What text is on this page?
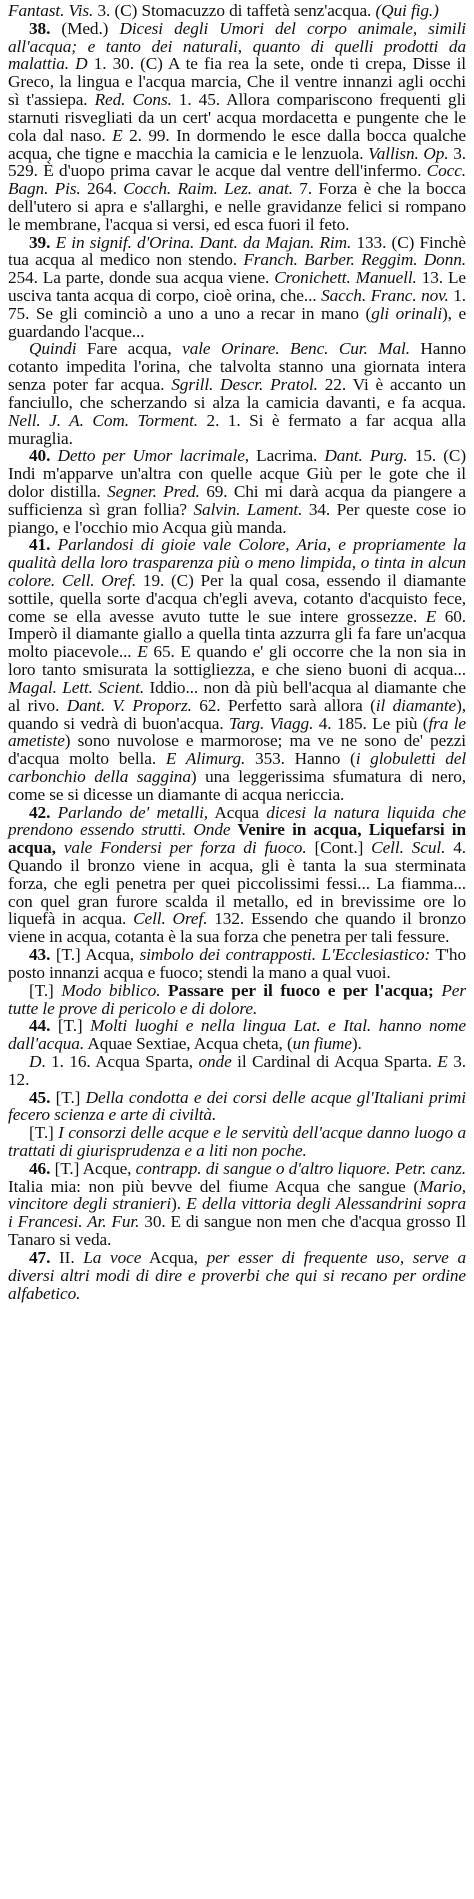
Fantast. Vis. 3. (C) Stomacuzzo di taffetà senz'acqua. (Qui fig.)

38. (Med.) Dicesi degli Umori del corpo animale, simili all'acqua; e tanto dei naturali, quanto di quelli prodotti da malattia. D 1. 30. (C) A te fia rea la sete, onde ti crepa, Disse il Greco, la lingua e l'acqua marcia, Che il ventre innanzi agli occhi sì t'assiepa. Red. Cons. 1. 45. Allora compariscono frequenti gli starnuti risvegliati da un cert' acqua mordacetta e pungente che le cola dal naso. E 2. 99. In dormendo le esce dalla bocca qualche acqua, che tigne e macchia la camicia e le lenzuola. Vallisn. Op. 3. 529. È d'uopo prima cavar le acque dal ventre dell'infermo. Cocc. Bagn. Pis. 264. Cocch. Raim. Lez. anat. 7. Forza è che la bocca dell'utero si apra e s'allarghi, e nelle gravidanze felici si rompano le membrane, l'acqua si versi, ed esca fuori il feto.

39. E in signif. d'Orina. Dant. da Majan. Rim. 133. (C) Finchè tua acqua al medico non stendo. Franch. Barber. Reggim. Donn. 254. La parte, donde sua acqua viene. Cronichett. Manuell. 13. Le usciva tanta acqua di corpo, cioè orina, che... Sacch. Franc. nov. 1. 75. Se gli cominciò a uno a uno a recar in mano (gli orinali), e guardando l'acque...

Quindi Fare acqua, vale Orinare. Benc. Cur. Mal. Hanno cotanto impedita l'orina, che talvolta stanno una giornata intera senza poter far acqua. Sgrill. Descr. Pratol. 22. Vi è accanto un fanciullo, che scherzando si alza la camicia davanti, e fa acqua. Nell. J. A. Com. Torment. 2. 1. Si è fermato a far acqua alla muraglia.

40. Detto per Umor lacrimale, Lacrima. Dant. Purg. 15. (C) Indi m'apparve un'altra con quelle acque Giù per le gote che il dolor distilla. Segner. Pred. 69. Chi mi darà acqua da piangere a sufficienza sì gran follia? Salvin. Lament. 34. Per queste cose io piango, e l'occhio mio Acqua giù manda.

41. Parlandosi di gioie vale Colore, Aria, e propriamente la qualità della loro trasparenza più o meno limpida, o tinta in alcun colore. Cell. Oref. 19. (C) Per la qual cosa, essendo il diamante sottile, quella sorte d'acqua ch'egli aveva, cotanto d'acquisto fece, come se ella avesse avuto tutte le sue intere grossezze. E 60. Imperò il diamante giallo a quella tinta azzurra gli fa fare un'acqua molto piacevole... E 65. E quando e' gli occorre che la non sia in loro tanto smisurata la sottigliezza, e che sieno buoni di acqua... Magal. Lett. Scient. Iddio... non dà più bell'acqua al diamante che al rivo. Dant. V. Proporz. 62. Perfetto sarà allora (il diamante), quando si vedrà di buon'acqua. Targ. Viagg. 4. 185. Le più (fra le ametiste) sono nuvolose e marmorose; ma ve ne sono de' pezzi d'acqua molto bella. E Alimurg. 353. Hanno (i globuletti del carbonchio della saggina) una leggerissima sfumatura di nero, come se si dicesse un diamante di acqua nericcia.

42. Parlando de' metalli, Acqua dicesi la natura liquida che prendono essendo strutti. Onde Venire in acqua, Liquefarsi in acqua, vale Fondersi per forza di fuoco. [Cont.] Cell. Scul. 4. Quando il bronzo viene in acqua, gli è tanta la sua sterminata forza, che egli penetra per quei piccolissimi fessi... La fiamma... con quel gran furore scalda il metallo, ed in brevissime ore lo liquefà in acqua. Cell. Oref. 132. Essendo che quando il bronzo viene in acqua, cotanta è la sua forza che penetra per tali fessure.

43. [T.] Acqua, simbolo dei contrapposti. L'Ecclesiastico: T'ho posto innanzi acqua e fuoco; stendi la mano a qual vuoi.

[T.] Modo biblico. Passare per il fuoco e per l'acqua; Per tutte le prove di pericolo e di dolore.

44. [T.] Molti luoghi e nella lingua Lat. e Ital. hanno nome dall'acqua. Aquae Sextiae, Acqua cheta, (un fiume).

D. 1. 16. Acqua Sparta, onde il Cardinal di Acqua Sparta. E 3. 12.

45. [T.] Della condotta e dei corsi delle acque gl'Italiani primi fecero scienza e arte di civiltà.

[T.] I consorzi delle acque e le servitù dell'acque danno luogo a trattati di giurisprudenza e a liti non poche.

46. [T.] Acque, contrapp. di sangue o d'altro liquore. Petr. canz. Italia mia: non più bevve del fiume Acqua che sangue (Mario, vincitore degli stranieri). E della vittoria degli Alessandrini sopra i Francesi. Ar. Fur. 30. E di sangue non men che d'acqua grosso Il Tanaro si veda.

47. II. La voce Acqua, per esser di frequente uso, serve a diversi altri modi di dire e proverbi che qui si recano per ordine alfabetico.
